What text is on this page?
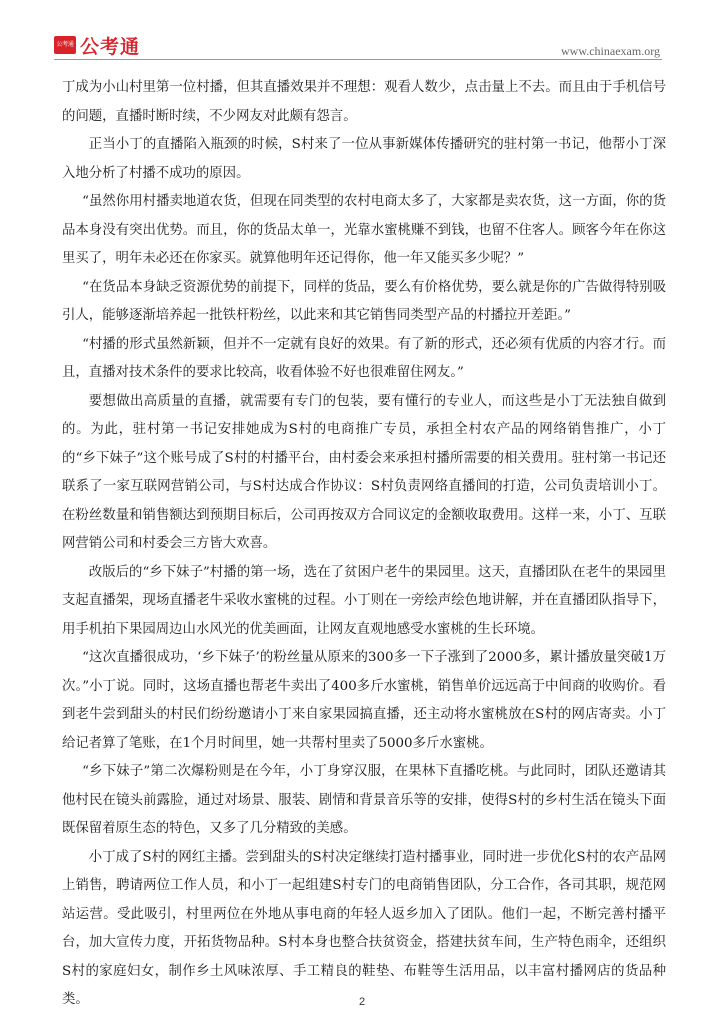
公考通 公考通	www.chinaexam.org

丁成为小山村里第一位村播，但其直播效果并不理想：观看人数少，点击量上不去。而且由于手机信号的问题，直播时断时续，不少网友对此颇有怨言。

正当小丁的直播陷入瓶颈的时候，S村来了一位从事新媒体传播研究的驻村第一书记，他帮小丁深入地分析了村播不成功的原因。

“虽然你用村播卖地道农货，但现在同类型的农村电商太多了，大家都是卖农货，这一方面，你的货品本身没有突出优势。而且，你的货品太单一，光靠水蜜桃赚不到钱，也留不住客人。顾客今年在你这里买了，明年未必还在你家买。就算他明年还记得你，他一年又能买多少呢？”

“在货品本身缺乏资源优势的前提下，同样的货品，要么有价格优势，要么就是你的广告做得特别吸引人，能够逐渐培养起一批铁杆粉丝，以此来和其它销售同类型产品的村播拉开差距。”

“村播的形式虽然新颖，但并不一定就有良好的效果。有了新的形式，还必须有优质的内容才行。而且，直播对技术条件的要求比较高，收看体验不好也很难留住网友。”

要想做出高质量的直播，就需要有专门的包装，要有懂行的专业人，而这些是小丁无法独自做到的。为此，驻村第一书记安排她成为S村的电商推广专员，承担全村农产品的网络销售推广，小丁的“乡下妹子”这个账号成了S村的村播平台，由村委会来承担村播所需要的相关费用。驻村第一书记还联系了一家互联网营销公司，与S村达成合作协议：S村负责网络直播间的打造，公司负责培训小丁。在粉丝数量和销售额达到预期目标后，公司再按双方合同议定的金额收取费用。这样一来，小丁、互联网营销公司和村委会三方皆大欢喜。

改版后的“乡下妹子”村播的第一场，选在了贫困户老牛的果园里。这天，直播团队在老牛的果园里支起直播架，现场直播老牛采收水蜜桃的过程。小丁则在一旁绘声绘色地讲解，并在直播团队指导下，用手机拍下果园周边山水风光的优美画面，让网友直观地感受水蜜桃的生长环境。

“这次直播很成功，‘乡下妹子’的粉丝量从原来的300多一下子涨到了2000多，累计播放量突破1万次。”小丁说。同时，这场直播也帮老牛卖出了400多斤水蜜桃，销售单价远远高于中间商的收购价。看到老牛尝到甜头的村民们纷纷邀请小丁来自家果园搞直播，还主动将水蜜桃放在S村的网店寄卖。小丁给记者算了笔账，在1个月时间里，她一共帮村里卖了5000多斤水蜜桃。

“乡下妹子”第二次爆粉则是在今年，小丁身穿汉服，在果林下直播吃桃。与此同时，团队还邀请其他村民在镜头前露脸，通过对场景、服装、剧情和背景音乐等的安排，使得S村的乡村生活在镜头下面既保留着原生态的特色，又多了几分精致的美感。

小丁成了S村的网红主播。尝到甜头的S村决定继续打造村播事业，同时进一步优化S村的农产品网上销售，聘请两位工作人员，和小丁一起组建S村专门的电商销售团队，分工合作，各司其职，规范网站运营。受此吸引，村里两位在外地从事电商的年轻人返乡加入了团队。他们一起，不断完善村播平台，加大宣传力度，开拓货物品种。S村本身也整合扶贫资金，搭建扶贫车间，生产特色雨伞，还组织S村的家庭妇女，制作乡土风味浓厚、手工精良的鞋垫、布鞋等生活用品，以丰富村播网店的货品种类。	2
